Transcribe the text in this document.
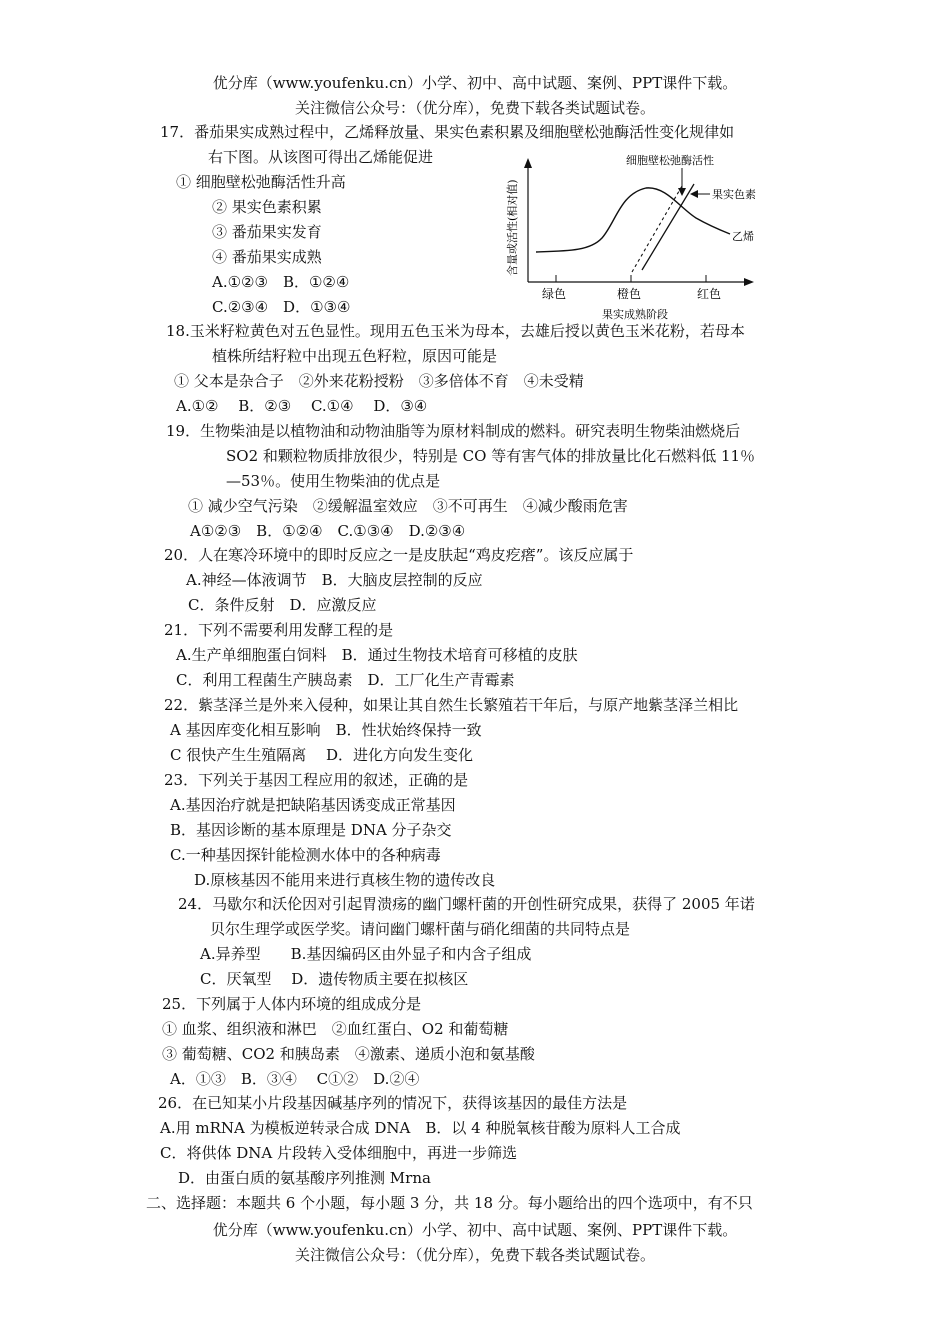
优分库（www.youfenku.cn）小学、初中、高中试题、案例、PPT课件下载。
关注微信公众号：（优分库），免费下载各类试题试卷。
17．番茄果实成熟过程中，乙烯释放量、果实色素积累及细胞壁松弛酶活性变化规律如
右下图。从该图可得出乙烯能促进
① 细胞壁松弛酶活性升高
② 果实色素积累
③ 番茄果实发育
④ 番茄果实成熟
A.①②③　B．①②④
C.②③④　D．①③④
含量或活性(相对值)
绿色	橙色	红色
果实成熟阶段
细胞壁松弛酶活性
果实色素
乙烯
18.玉米籽粒黄色对五色显性。现用五色玉米为母本，去雄后授以黄色玉米花粉，若母本
植株所结籽粒中出现五色籽粒，原因可能是
① 父本是杂合子　②外来花粉授粉　③多倍体不育　④未受精
A.①②　 B．②③　 C.①④　 D．③④
19．生物柴油是以植物油和动物油脂等为原材料制成的燃料。研究表明生物柴油燃烧后
SO2 和颗粒物质排放很少，特别是 CO 等有害气体的排放量比化石燃料低 11％
—53％。使用生物柴油的优点是
① 减少空气污染　②缓解温室效应　③不可再生　④减少酸雨危害
A①②③　B．①②④　C.①③④　D.②③④
20．人在寒冷环境中的即时反应之一是皮肤起“鸡皮疙瘩”。该反应属于
A.神经—体液调节　B．大脑皮层控制的反应
C．条件反射　D．应激反应
21．下列不需要利用发酵工程的是
A.生产单细胞蛋白饲料　B．通过生物技术培育可移植的皮肤
C．利用工程菌生产胰岛素　D．工厂化生产青霉素
22．紫茎泽兰是外来入侵种，如果让其自然生长繁殖若干年后，与原产地紫茎泽兰相比
A 基因库变化相互影响　B．性状始终保持一致
C 很快产生生殖隔离　 D．进化方向发生变化
23．下列关于基因工程应用的叙述，正确的是
A.基因治疗就是把缺陷基因诱变成正常基因
B．基因诊断的基本原理是 DNA 分子杂交
C.一种基因探针能检测水体中的各种病毒
D.原核基因不能用来进行真核生物的遗传改良
24．马歇尔和沃伦因对引起胃溃疡的幽门螺杆菌的开创性研究成果，获得了 2005 年诺
贝尔生理学或医学奖。请问幽门螺杆菌与硝化细菌的共同特点是
A.异养型　　B.基因编码区由外显子和内含子组成
C．厌氧型　 D．遗传物质主要在拟核区
25．下列属于人体内环境的组成成分是
① 血浆、组织液和淋巴　②血红蛋白、O2 和葡萄糖
③ 葡萄糖、CO2 和胰岛素　④激素、递质小泡和氨基酸
A．①③　B．③④　 C①②　D.②④
26．在已知某小片段基因碱基序列的情况下，获得该基因的最佳方法是
A.用 mRNA 为模板逆转录合成 DNA　B．以 4 种脱氧核苷酸为原料人工合成
C．将供体 DNA 片段转入受体细胞中，再进一步筛选
D．由蛋白质的氨基酸序列推测 Mrna
二、选择题：本题共 6 个小题，每小题 3 分，共 18 分。每小题给出的四个选项中，有不只
优分库（www.youfenku.cn）小学、初中、高中试题、案例、PPT课件下载。
关注微信公众号：（优分库），免费下载各类试题试卷。
